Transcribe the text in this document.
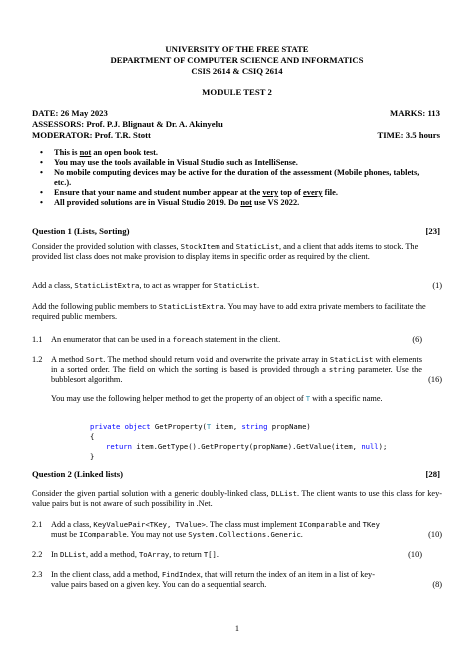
UNIVERSITY OF THE FREE STATE
DEPARTMENT OF COMPUTER SCIENCE AND INFORMATICS
CSIS 2614 & CSIQ 2614
MODULE TEST 2
DATE: 26 May 2023	MARKS: 113
ASSESSORS: Prof. P.J. Blignaut & Dr. A. Akinyelu
MODERATOR: Prof. T.R. Stott	TIME: 3.5 hours
• This is not an open book test.
• You may use the tools available in Visual Studio such as IntelliSense.
• No mobile computing devices may be active for the duration of the assessment (Mobile phones, tablets, etc.).
• Ensure that your name and student number appear at the very top of every file.
• All provided solutions are in Visual Studio 2019. Do not use VS 2022.
Question 1 (Lists, Sorting)	[23]
Consider the provided solution with classes, StockItem and StaticList, and a client that adds items to stock. The provided list class does not make provision to display items in specific order as required by the client.
Add a class, StaticListExtra, to act as wrapper for StaticList.	(1)
Add the following public members to StaticListExtra. You may have to add extra private members to facilitate the required public members.
1.1 An enumerator that can be used in a foreach statement in the client.	(6)
1.2 A method Sort. The method should return void and overwrite the private array in StaticList with elements in a sorted order. The field on which the sorting is based is provided through a string parameter. Use the bubblesort algorithm.	(16)
You may use the following helper method to get the property of an object of T with a specific name.
private object GetProperty(T item, string propName)
{
return item.GetType().GetProperty(propName).GetValue(item, null);
}
Question 2 (Linked lists)	[28]
Consider the given partial solution with a generic doubly-linked class, DLList. The client wants to use this class for key-value pairs but is not aware of such possibility in .Net.
2.1 Add a class, KeyValuePair<TKey, TValue>. The class must implement IComparable and TKey must be IComparable. You may not use System.Collections.Generic.	(10)
2.2 In DLList, add a method, ToArray, to return T[].	(10)
2.3 In the client class, add a method, FindIndex, that will return the index of an item in a list of key-value pairs based on a given key. You can do a sequential search.	(8)
1
